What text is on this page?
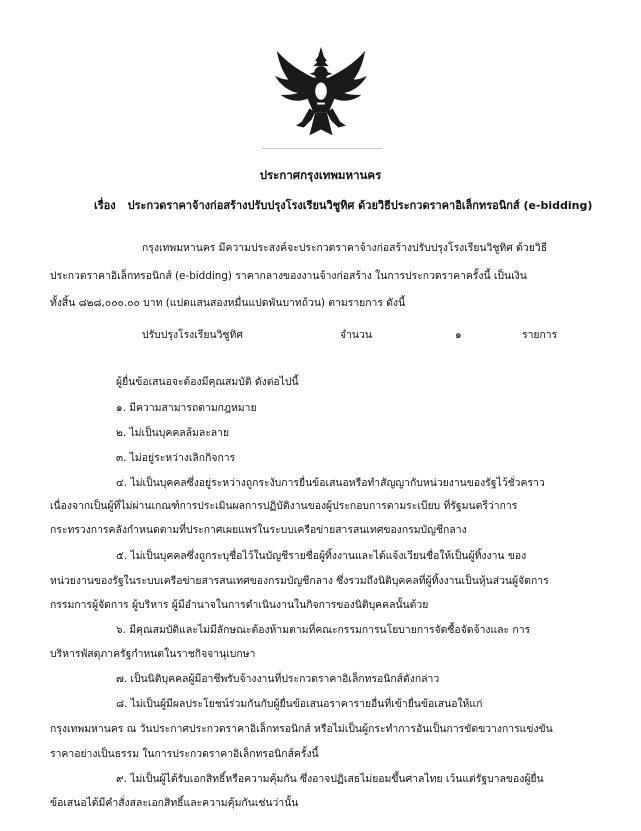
ประกาศกรุงเทพมหานคร
เรื่อง ประกวดราคาจ้างก่อสร้างปรับปรุงโรงเรียนวิชูทิศ ด้วยวิธีประกวดราคาอิเล็กทรอนิกส์ (e-bidding)
กรุงเทพมหานคร มีความประสงค์จะประกวดราคาจ้างก่อสร้างปรับปรุงโรงเรียนวิชูทิศ ด้วยวิธี
ประกวดราคาอิเล็กทรอนิกส์ (e-bidding) ราคากลางของงานจ้างก่อสร้าง ในการประกวดราคาครั้งนี้ เป็นเงิน
ทั้งสิ้น ๘๒๘,๐๐๐.๐๐ บาท (แปดแสนสองหมื่นแปดพันบาทถ้วน) ตามรายการ ดังนี้
ปรับปรุงโรงเรียนวิชูทิศ	จำนวน	๑	รายการ
ผู้ยื่นข้อเสนอจะต้องมีคุณสมบัติ ดังต่อไปนี้
๑. มีความสามารถตามกฎหมาย
๒. ไม่เป็นบุคคลล้มละลาย
๓. ไม่อยู่ระหว่างเลิกกิจการ
๔. ไม่เป็นบุคคลซึ่งอยู่ระหว่างถูกระงับการยื่นข้อเสนอหรือทำสัญญากับหน่วยงานของรัฐไว้ชั่วคราว
เนื่องจากเป็นผู้ที่ไม่ผ่านเกณฑ์การประเมินผลการปฏิบัติงานของผู้ประกอบการตามระเบียบ ที่รัฐมนตรีว่าการ
กระทรวงการคลังกำหนดตามที่ประกาศเผยแพร่ในระบบเครือข่ายสารสนเทศของกรมบัญชีกลาง
๕. ไม่เป็นบุคคลซึ่งถูกระบุชื่อไว้ในบัญชีรายชื่อผู้ทิ้งงานและได้แจ้งเวียนชื่อให้เป็นผู้ทิ้งงาน ของ
หน่วยงานของรัฐในระบบเครือข่ายสารสนเทศของกรมบัญชีกลาง ซึ่งรวมถึงนิติบุคคลที่ผู้ทิ้งงานเป็นหุ้นส่วนผู้จัดการ
กรรมการผู้จัดการ ผู้บริหาร ผู้มีอำนาจในการดำเนินงานในกิจการของนิติบุคคลนั้นด้วย
๖. มีคุณสมบัติและไม่มีลักษณะต้องห้ามตามที่คณะกรรมการนโยบายการจัดซื้อจัดจ้างและ การ
บริหารพัสดุภาครัฐกำหนดในราชกิจจานุเบกษา
๗. เป็นนิติบุคคลผู้มีอาชีพรับจ้างงานที่ประกวดราคาอิเล็กทรอนิกส์ดังกล่าว
๘. ไม่เป็นผู้มีผลประโยชน์ร่วมกันกับผู้ยื่นข้อเสนอราคารายอื่นที่เข้ายื่นข้อเสนอให้แก่
กรุงเทพมหานคร ณ วันประกาศประกวดราคาอิเล็กทรอนิกส์ หรือไม่เป็นผู้กระทำการอันเป็นการขัดขวางการแข่งขัน
ราคาอย่างเป็นธรรม ในการประกวดราคาอิเล็กทรอนิกส์ครั้งนี้
๙. ไม่เป็นผู้ได้รับเอกสิทธิ์หรือความคุ้มกัน ซึ่งอาจปฏิเสธไม่ยอมขึ้นศาลไทย เว้นแต่รัฐบาลของผู้ยื่น
ข้อเสนอได้มีคำสั่งสละเอกสิทธิ์และความคุ้มกันเช่นว่านั้น
